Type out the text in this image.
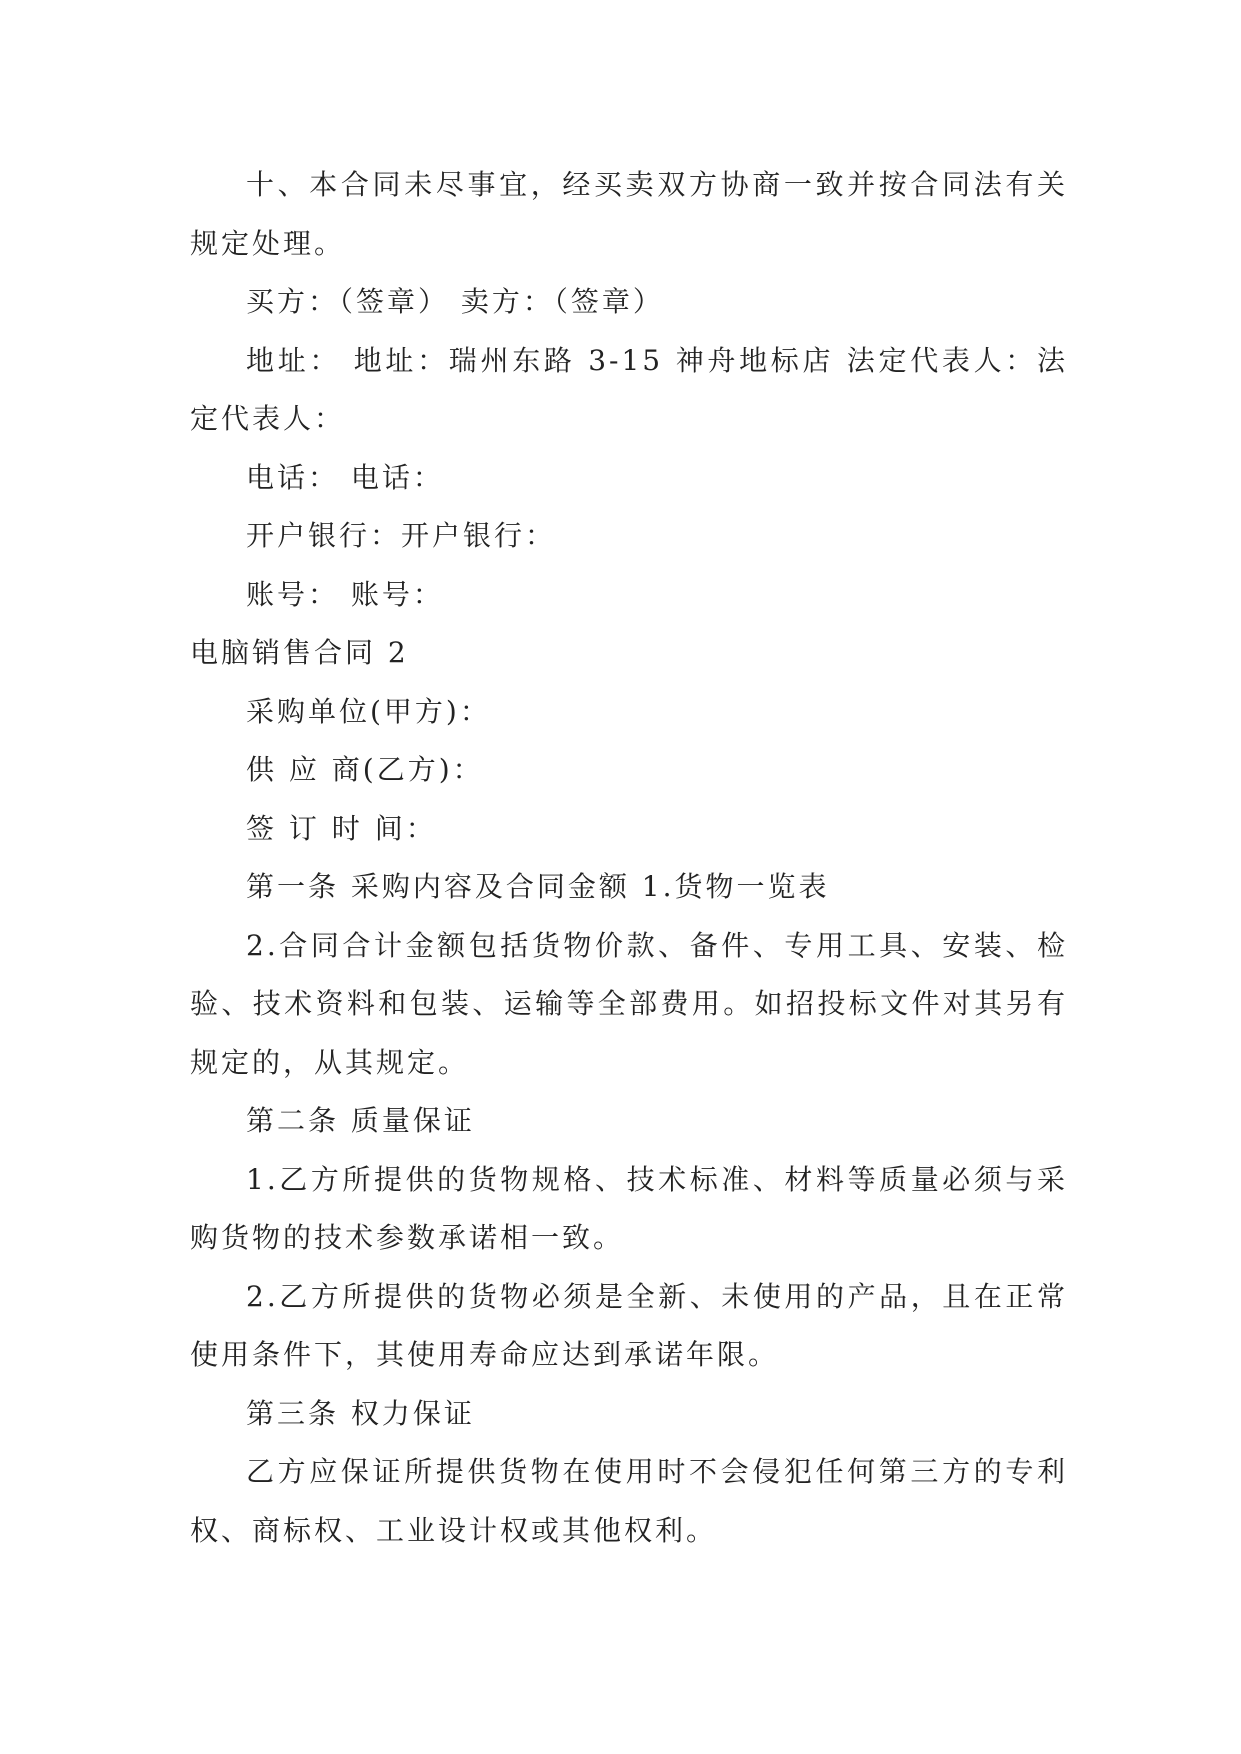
十、本合同未尽事宜，经买卖双方协商一致并按合同法有关规定处理。

买方：（签章） 卖方：（签章）

地址： 地址：瑞州东路 3-15 神舟地标店 法定代表人：法定代表人：

电话： 电话：

开户银行：开户银行：

账号： 账号：

电脑销售合同 2

采购单位(甲方)：

供 应 商(乙方)：

签 订 时 间：

第一条 采购内容及合同金额 1.货物一览表

2.合同合计金额包括货物价款、备件、专用工具、安装、检验、技术资料和包装、运输等全部费用。如招投标文件对其另有规定的，从其规定。

第二条 质量保证

1.乙方所提供的货物规格、技术标准、材料等质量必须与采购货物的技术参数承诺相一致。

2.乙方所提供的货物必须是全新、未使用的产品，且在正常使用条件下，其使用寿命应达到承诺年限。

第三条 权力保证

乙方应保证所提供货物在使用时不会侵犯任何第三方的专利权、商标权、工业设计权或其他权利。
